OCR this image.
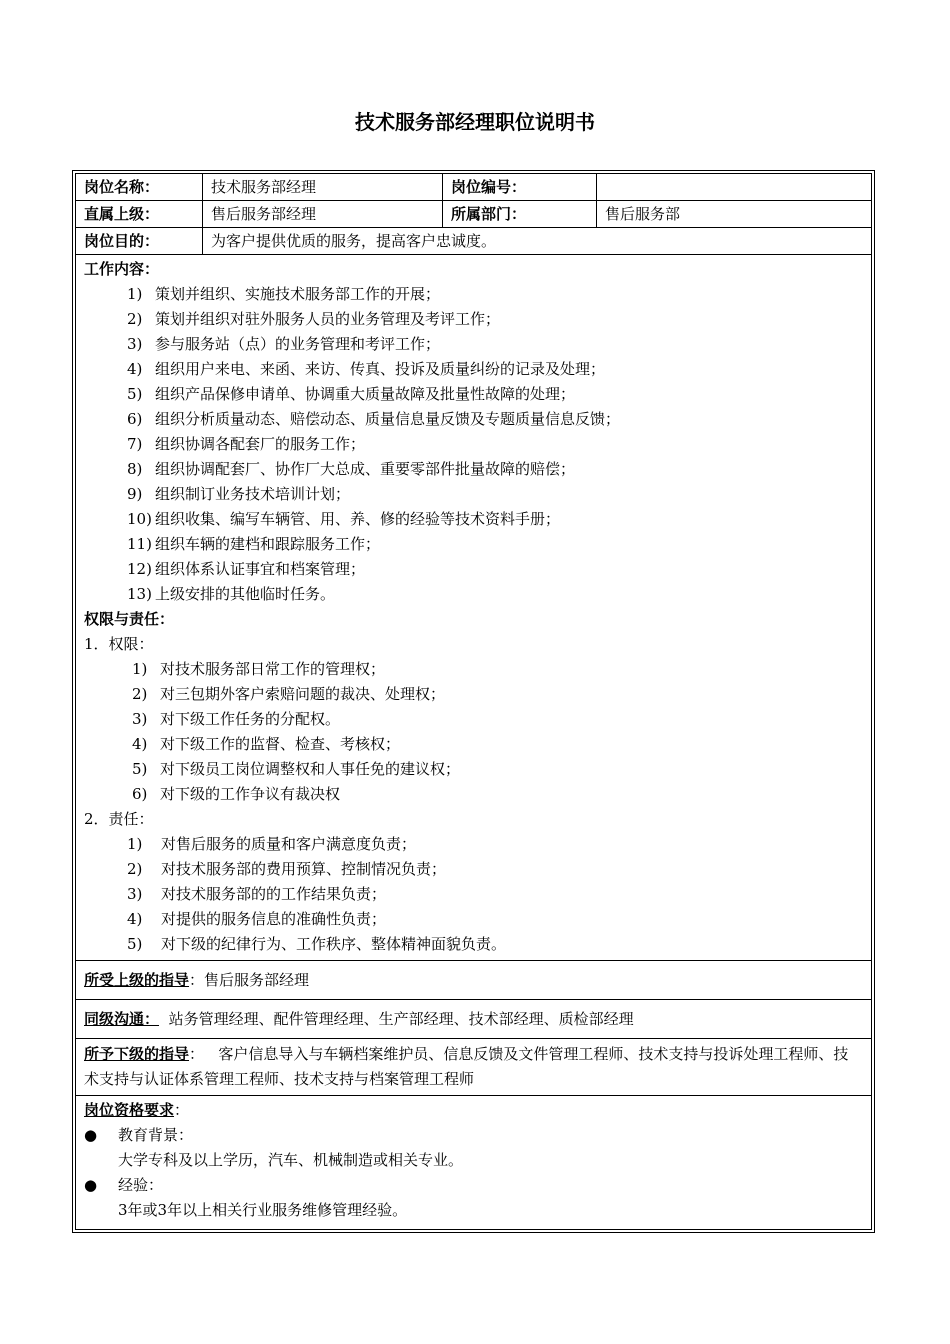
技术服务部经理职位说明书
岗位名称：	技术服务部经理	岗位编号：
直属上级：	售后服务部经理	所属部门：	售后服务部
岗位目的：	为客户提供优质的服务，提高客户忠诚度。
工作内容：
1) 策划并组织、实施技术服务部工作的开展；
2) 策划并组织对驻外服务人员的业务管理及考评工作；
3) 参与服务站（点）的业务管理和考评工作；
4) 组织用户来电、来函、来访、传真、投诉及质量纠纷的记录及处理；
5) 组织产品保修申请单、协调重大质量故障及批量性故障的处理；
6) 组织分析质量动态、赔偿动态、质量信息量反馈及专题质量信息反馈；
7) 组织协调各配套厂的服务工作；
8) 组织协调配套厂、协作厂大总成、重要零部件批量故障的赔偿；
9) 组织制订业务技术培训计划；
10) 组织收集、编写车辆管、用、养、修的经验等技术资料手册；
11) 组织车辆的建档和跟踪服务工作；
12) 组织体系认证事宜和档案管理；
13) 上级安排的其他临时任务。
权限与责任：
1．权限：
1) 对技术服务部日常工作的管理权；
2) 对三包期外客户索赔问题的裁决、处理权；
3) 对下级工作任务的分配权。
4) 对下级工作的监督、检查、考核权；
5) 对下级员工岗位调整权和人事任免的建议权；
6) 对下级的工作争议有裁决权
2．责任：
1) 对售后服务的质量和客户满意度负责；
2) 对技术服务部的费用预算、控制情况负责；
3) 对技术服务部的的工作结果负责；
4) 对提供的服务信息的准确性负责；
5) 对下级的纪律行为、工作秩序、整体精神面貌负责。
所受上级的指导：售后服务部经理
同级沟通： 站务管理经理、配件管理经理、生产部经理、技术部经理、质检部经理
所予下级的指导： 客户信息导入与车辆档案维护员、信息反馈及文件管理工程师、技术支持与投诉处理工程师、技术支持与认证体系管理工程师、技术支持与档案管理工程师
岗位资格要求：
● 教育背景：
大学专科及以上学历，汽车、机械制造或相关专业。
● 经验：
3年或3年以上相关行业服务维修管理经验。
